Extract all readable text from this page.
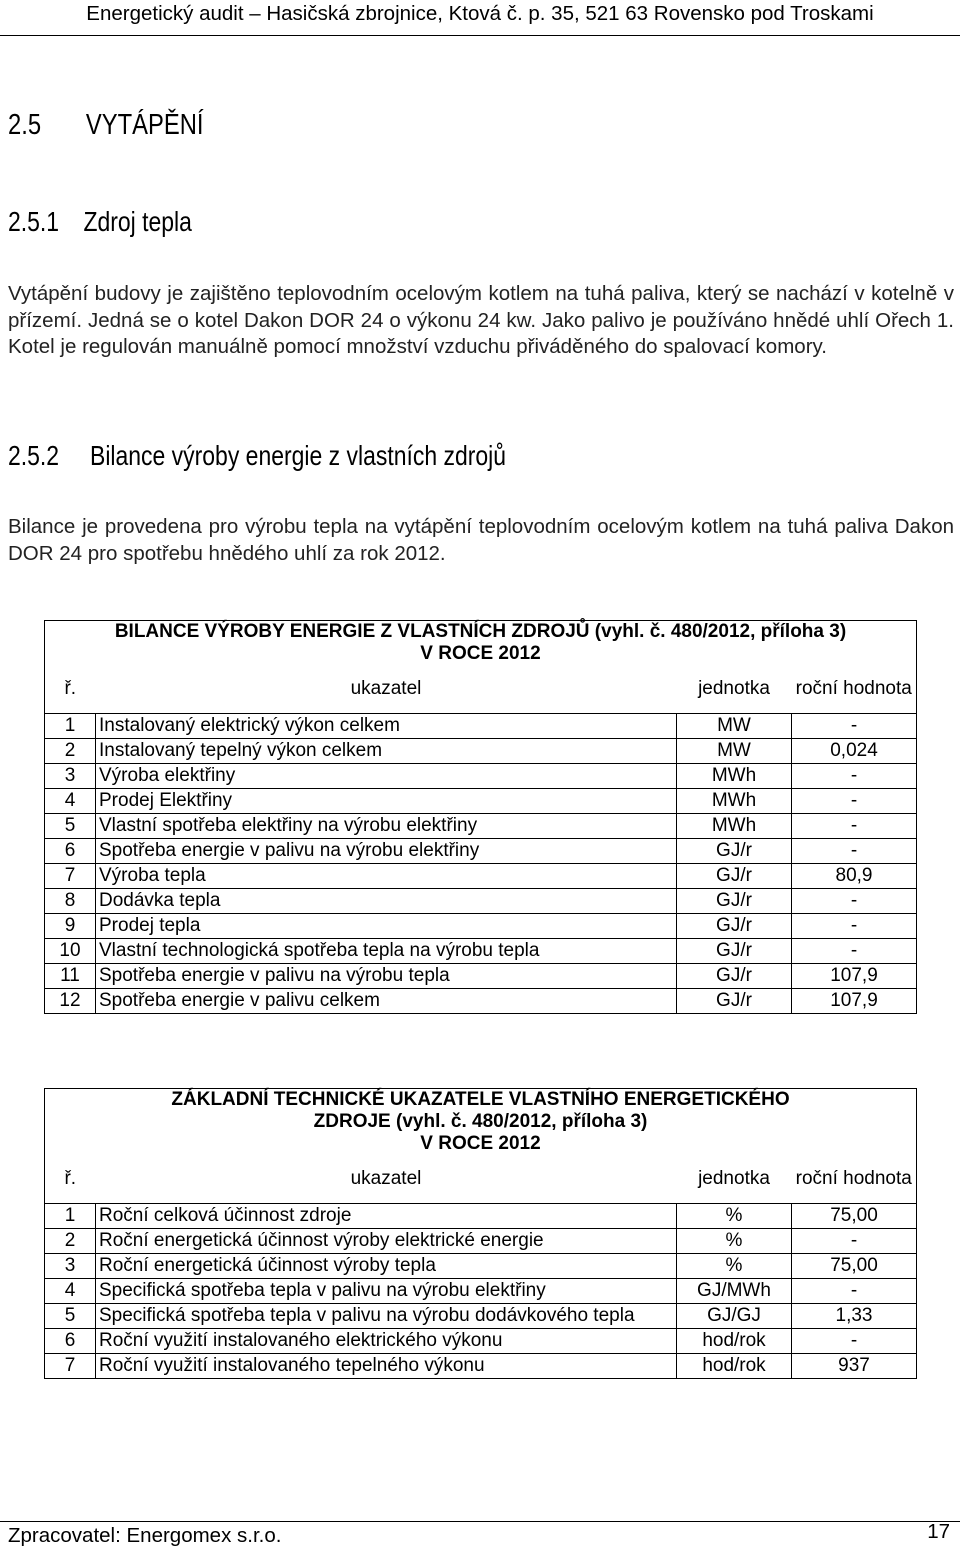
Energetický audit – Hasičská zbrojnice, Ktová č. p. 35, 521 63 Rovensko pod Troskami
2.5 VYTÁPĚNÍ
2.5.1 Zdroj tepla
Vytápění budovy je zajištěno teplovodním ocelovým kotlem na tuhá paliva, který se nachází v kotelně v přízemí. Jedná se o kotel Dakon DOR 24 o výkonu 24 kw. Jako palivo je používáno hnědé uhlí Ořech 1. Kotel je regulován manuálně pomocí množství vzduchu přiváděného do spalovací komory.
2.5.2 Bilance výroby energie z vlastních zdrojů
Bilance je provedena pro výrobu tepla na vytápění teplovodním ocelovým kotlem na tuhá paliva Dakon DOR 24 pro spotřebu hnědého uhlí za rok 2012.
BILANCE VÝROBY ENERGIE Z VLASTNÍCH ZDROJŮ (vyhl. č. 480/2012, příloha 3)			
V ROCE 2012			
ř.	ukazatel	jednotka	roční hodnota
1	Instalovaný elektrický výkon celkem	MW	-
2	Instalovaný tepelný výkon celkem	MW	0,024
3	Výroba elektřiny	MWh	-
4	Prodej Elektřiny	MWh	-
5	Vlastní spotřeba elektřiny na výrobu elektřiny	MWh	-
6	Spotřeba energie v palivu na výrobu elektřiny	GJ/r	-
7	Výroba tepla	GJ/r	80,9
8	Dodávka tepla	GJ/r	-
9	Prodej tepla	GJ/r	-
10	Vlastní technologická spotřeba tepla na výrobu tepla	GJ/r	-
11	Spotřeba energie v palivu na výrobu tepla	GJ/r	107,9
12	Spotřeba energie v palivu celkem	GJ/r	107,9
ZÁKLADNÍ TECHNICKÉ UKAZATELE VLASTNÍHO ENERGETICKÉHO			
ZDROJE (vyhl. č. 480/2012, příloha 3)			
V ROCE 2012			
ř.	ukazatel	jednotka	roční hodnota
1	Roční celková účinnost zdroje	%	75,00
2	Roční energetická účinnost výroby elektrické energie	%	-
3	Roční energetická účinnost výroby tepla	%	75,00
4	Specifická spotřeba tepla v palivu na výrobu elektřiny	GJ/MWh	-
5	Specifická spotřeba tepla v palivu na výrobu dodávkového tepla	GJ/GJ	1,33
6	Roční využití instalovaného elektrického výkonu	hod/rok	-
7	Roční využití instalovaného tepelného výkonu	hod/rok	937
Zpracovatel: Energomex s.r.o.	17
